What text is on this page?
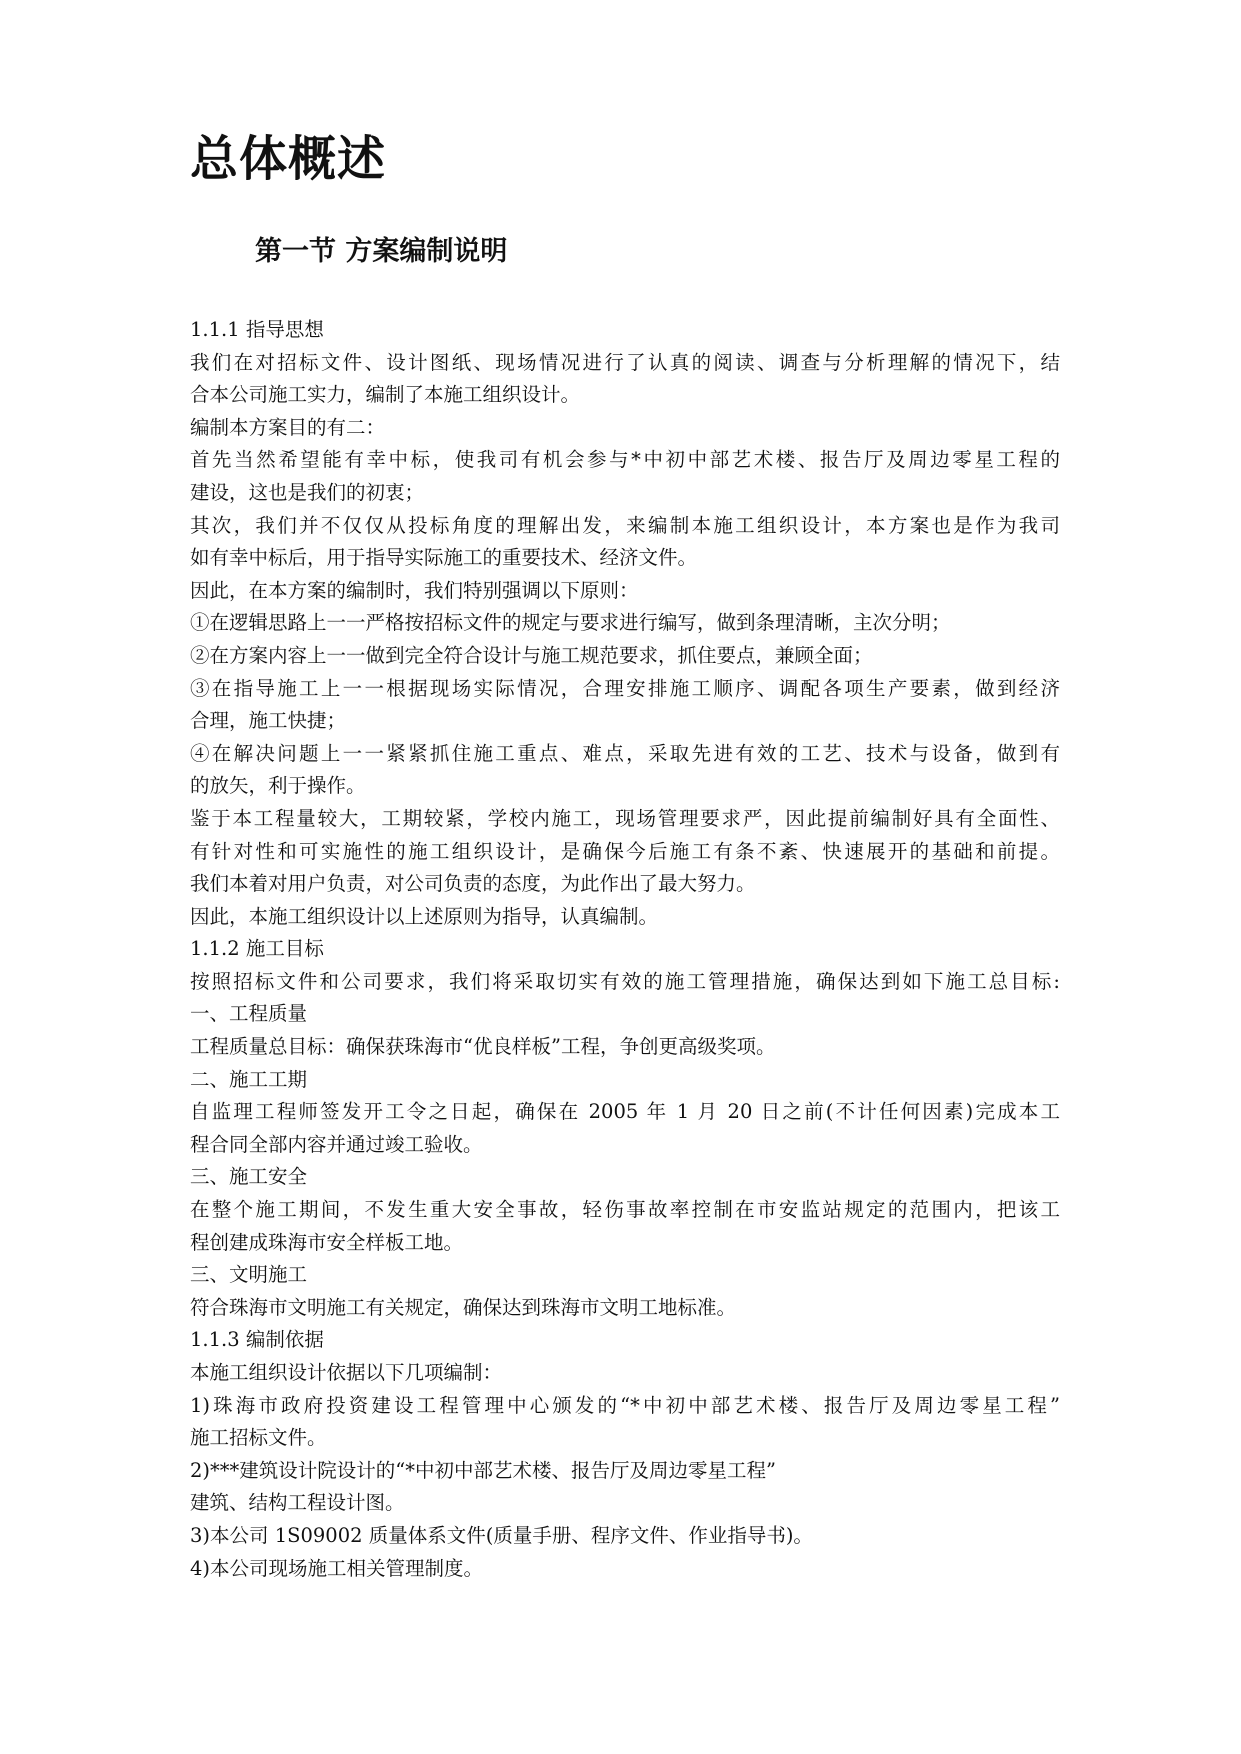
总体概述
第一节 方案编制说明

1.1.1 指导思想

我们在对招标文件、设计图纸、现场情况进行了认真的阅读、调查与分析理解的情况下，结

合本公司施工实力，编制了本施工组织设计。

编制本方案目的有二：

首先当然希望能有幸中标，使我司有机会参与*中初中部艺术楼、报告厅及周边零星工程的

建设，这也是我们的初衷；

其次，我们并不仅仅从投标角度的理解出发，来编制本施工组织设计，本方案也是作为我司

如有幸中标后，用于指导实际施工的重要技术、经济文件。

因此，在本方案的编制时，我们特别强调以下原则：

①在逻辑思路上一一严格按招标文件的规定与要求进行编写，做到条理清晰，主次分明；

②在方案内容上一一做到完全符合设计与施工规范要求，抓住要点，兼顾全面；

③在指导施工上一一根据现场实际情况，合理安排施工顺序、调配各项生产要素，做到经济

合理，施工快捷；

④在解决问题上一一紧紧抓住施工重点、难点，采取先进有效的工艺、技术与设备，做到有

的放矢，利于操作。

鉴于本工程量较大，工期较紧，学校内施工，现场管理要求严，因此提前编制好具有全面性、

有针对性和可实施性的施工组织设计，是确保今后施工有条不紊、快速展开的基础和前提。

我们本着对用户负责，对公司负责的态度，为此作出了最大努力。

因此，本施工组织设计以上述原则为指导，认真编制。

1.1.2 施工目标

按照招标文件和公司要求，我们将采取切实有效的施工管理措施，确保达到如下施工总目标:

一、工程质量

工程质量总目标：确保获珠海市“优良样板”工程，争创更高级奖项。

二、施工工期

自监理工程师签发开工令之日起，确保在 2005 年 1 月 20 日之前(不计任何因素)完成本工

程合同全部内容并通过竣工验收。

三、施工安全

在整个施工期间，不发生重大安全事故，轻伤事故率控制在市安监站规定的范围内，把该工

程创建成珠海市安全样板工地。

三、文明施工

符合珠海市文明施工有关规定，确保达到珠海市文明工地标准。

1.1.3 编制依据

本施工组织设计依据以下几项编制：

1)珠海市政府投资建设工程管理中心颁发的“*中初中部艺术楼、报告厅及周边零星工程”

施工招标文件。

2)***建筑设计院设计的“*中初中部艺术楼、报告厅及周边零星工程”

建筑、结构工程设计图。

3)本公司 1S09002 质量体系文件(质量手册、程序文件、作业指导书)。

4)本公司现场施工相关管理制度。
